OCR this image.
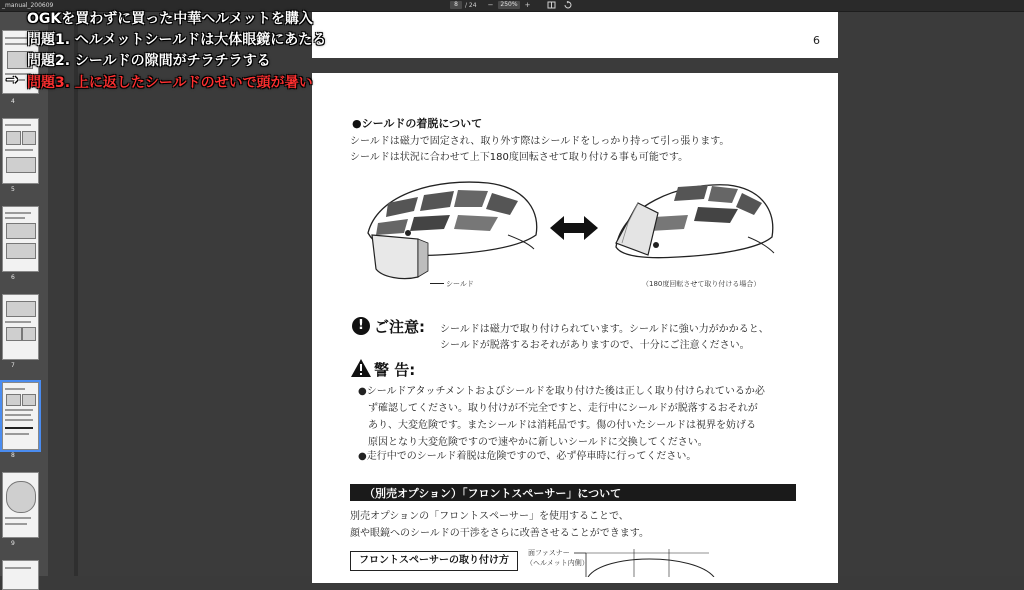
_manual_200609	8	/ 24 −	250% +
4
5
6
7
8
9
6
●シールドの着脱について
シールドは磁力で固定され、取り外す際はシールドをしっかり持って引っ張ります。
シールドは状況に合わせて上下180度回転させて取り付ける事も可能です。
シールド	（180度回転させて取り付ける場合）
! ご注意: シールドは磁力で取り付けられています。シールドに強い力がかかると、
シールドが脱落するおそれがありますので、十分にご注意ください。
警 告:
●シールドアタッチメントおよびシールドを取り付けた後は正しく取り付けられているか必
ず確認してください。取り付けが不完全ですと、走行中にシールドが脱落するおそれが
あり、大変危険です。またシールドは消耗品です。傷の付いたシールドは視界を妨げる
原因となり大変危険ですので速やかに新しいシールドに交換してください。
●走行中でのシールド着脱は危険ですので、必ず停車時に行ってください。
（別売オプション）「フロントスペーサー」について
別売オプションの「フロントスペーサー」を使用することで、
顔や眼鏡へのシールドの干渉をさらに改善させることができます。
フロントスペーサーの取り付け方
面ファスナー
（ヘルメット内側）
OGKを買わずに買った中華ヘルメットを購入
問題1. ヘルメットシールドは大体眼鏡にあたる
問題2. シールドの隙間がチラチラする
→ 問題3. 上に返したシールドのせいで頭が暑い
